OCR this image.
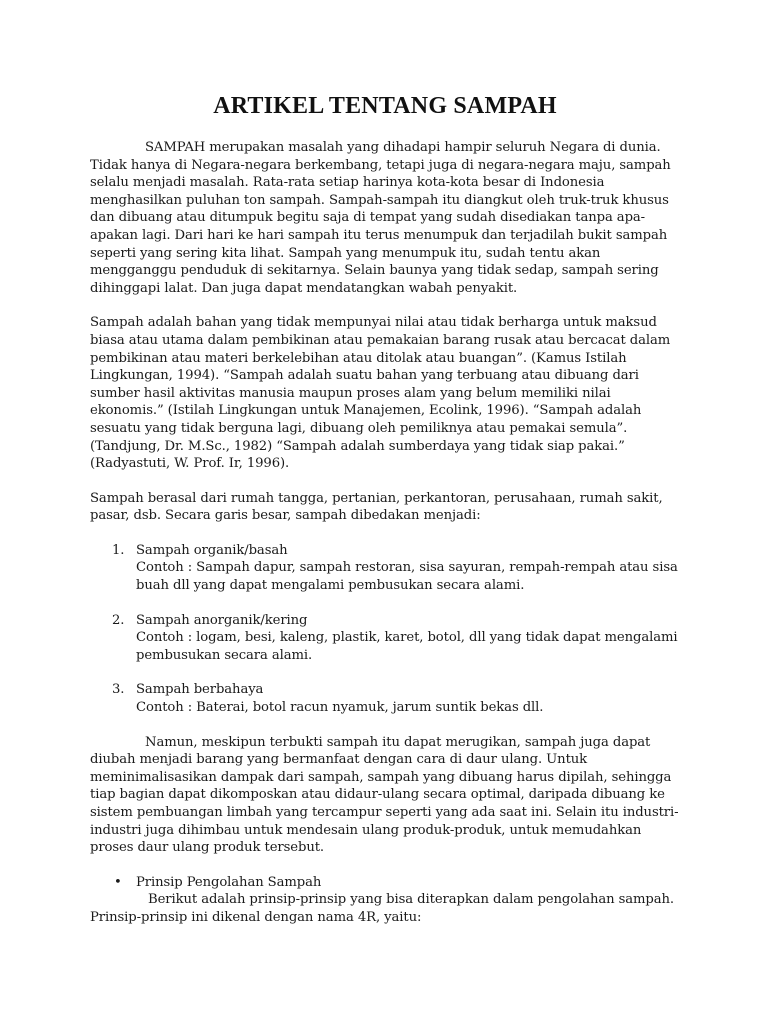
ARTIKEL TENTANG SAMPAH

SAMPAH merupakan masalah yang dihadapi hampir seluruh Negara di dunia. Tidak hanya di Negara-negara berkembang, tetapi juga di negara-negara maju, sampah selalu menjadi masalah. Rata-rata setiap harinya kota-kota besar di Indonesia menghasilkan puluhan ton sampah. Sampah-sampah itu diangkut oleh truk-truk khusus dan dibuang atau ditumpuk begitu saja di tempat yang sudah disediakan tanpa apa-apakan lagi. Dari hari ke hari sampah itu terus menumpuk dan terjadilah bukit sampah seperti yang sering kita lihat. Sampah yang menumpuk itu, sudah tentu akan mengganggu penduduk di sekitarnya. Selain baunya yang tidak sedap, sampah sering dihinggapi lalat. Dan juga dapat mendatangkan wabah penyakit.

Sampah adalah bahan yang tidak mempunyai nilai atau tidak berharga untuk maksud biasa atau utama dalam pembikinan atau pemakaian barang rusak atau bercacat dalam pembikinan atau materi berkelebihan atau ditolak atau buangan”. (Kamus Istilah Lingkungan, 1994). “Sampah adalah suatu bahan yang terbuang atau dibuang dari sumber hasil aktivitas manusia maupun proses alam yang belum memiliki nilai ekonomis.” (Istilah Lingkungan untuk Manajemen, Ecolink, 1996). “Sampah adalah sesuatu yang tidak berguna lagi, dibuang oleh pemiliknya atau pemakai semula”. (Tandjung, Dr. M.Sc., 1982) “Sampah adalah sumberdaya yang tidak siap pakai.” (Radyastuti, W. Prof. Ir, 1996).

Sampah berasal dari rumah tangga, pertanian, perkantoran, perusahaan, rumah sakit, pasar, dsb. Secara garis besar, sampah dibedakan menjadi:

1. Sampah organik/basah
Contoh : Sampah dapur, sampah restoran, sisa sayuran, rempah-rempah atau sisa buah dll yang dapat mengalami pembusukan secara alami.
2. Sampah anorganik/kering
Contoh : logam, besi, kaleng, plastik, karet, botol, dll yang tidak dapat mengalami pembusukan secara alami.
3. Sampah berbahaya
Contoh : Baterai, botol racun nyamuk, jarum suntik bekas dll.

Namun, meskipun terbukti sampah itu dapat merugikan, sampah juga dapat diubah menjadi barang yang bermanfaat dengan cara di daur ulang. Untuk meminimalisasikan dampak dari sampah, sampah yang dibuang harus dipilah, sehingga tiap bagian dapat dikomposkan atau didaur-ulang secara optimal, daripada dibuang ke sistem pembuangan limbah yang tercampur seperti yang ada saat ini. Selain itu industri-industri juga dihimbau untuk mendesain ulang produk-produk, untuk memudahkan proses daur ulang produk tersebut.

• Prinsip Pengolahan Sampah

Berikut adalah prinsip-prinsip yang bisa diterapkan dalam pengolahan sampah. Prinsip-prinsip ini dikenal dengan nama 4R, yaitu:
